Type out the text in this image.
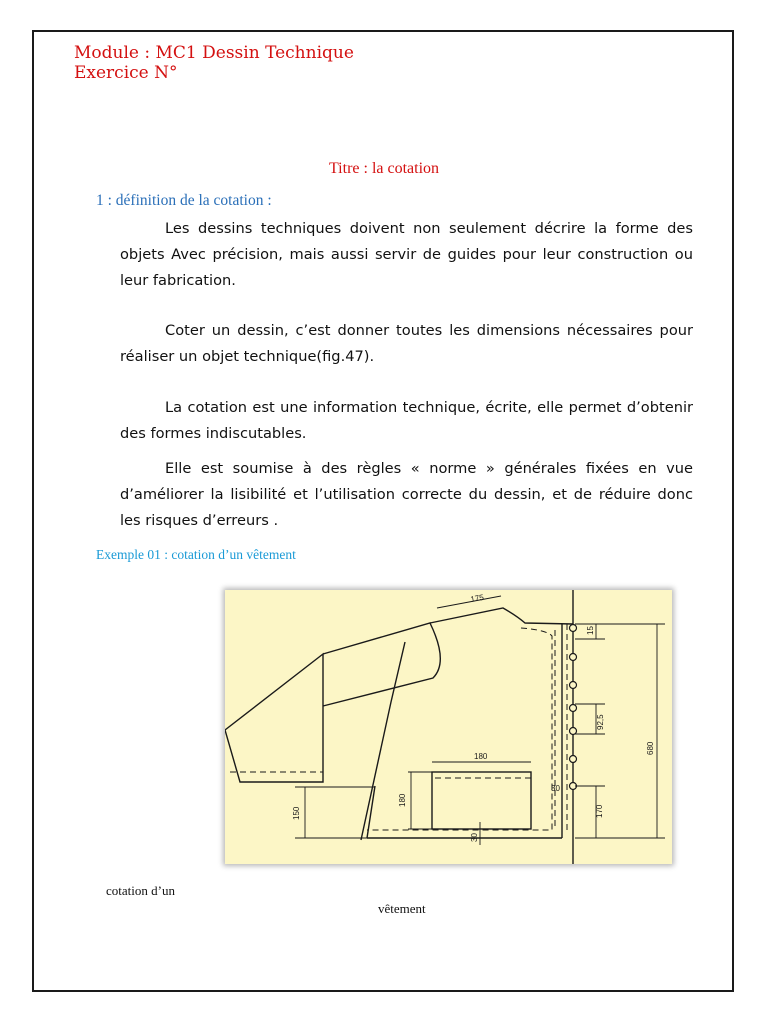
Module : MC1 Dessin Technique
Exercice N°
Titre : la cotation
1 : définition de la cotation :

Les dessins techniques doivent non seulement décrire la forme des objets Avec précision, mais aussi servir de guides pour leur construction ou leur fabrication.

Coter un dessin, c’est donner toutes les dimensions nécessaires pour réaliser un objet technique(fig.47).

La cotation est une information technique, écrite, elle permet d’obtenir des formes indiscutables.

Elle est soumise à des règles « norme » générales fixées en vue d’améliorer la lisibilité et l’utilisation correcte du dessin, et de réduire donc les risques d’erreurs .

Exemple 01 : cotation d’un vêtement
175
15
92,5
680
170
180
180
150
30
30
cotation d’un
vêtement
